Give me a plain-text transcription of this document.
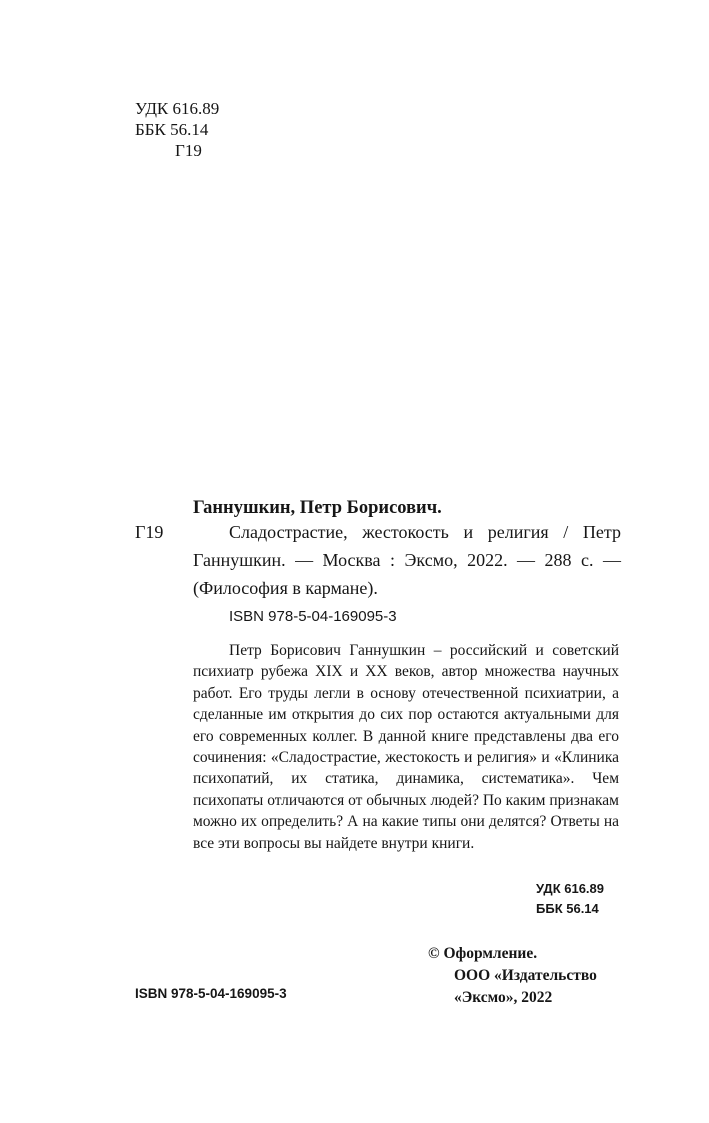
УДК 616.89
ББК 56.14
Г19
Ганнушкин, Петр Борисович.
Г19	Сладострастие, жестокость и религия / Петр Ганнушкин. — Москва : Эксмо, 2022. — 288 с. — (Философия в кармане).
ISBN 978-5-04-169095-3
Петр Борисович Ганнушкин – российский и советский психиатр рубежа XIX и XX веков, автор множества научных работ. Его труды легли в основу отечественной психиатрии, а сделанные им открытия до сих пор остаются актуальными для его современных коллег. В данной книге представлены два его сочинения: «Сладострастие, жестокость и религия» и «Клиника психопатий, их статика, динамика, систематика». Чем психопаты отличаются от обычных людей? По каким признакам можно их определить? А на какие типы они делятся? Ответы на все эти вопросы вы найдете внутри книги.
УДК 616.89
ББК 56.14
© Оформление.
ООО «Издательство
«Эксмо», 2022
ISBN 978-5-04-169095-3
